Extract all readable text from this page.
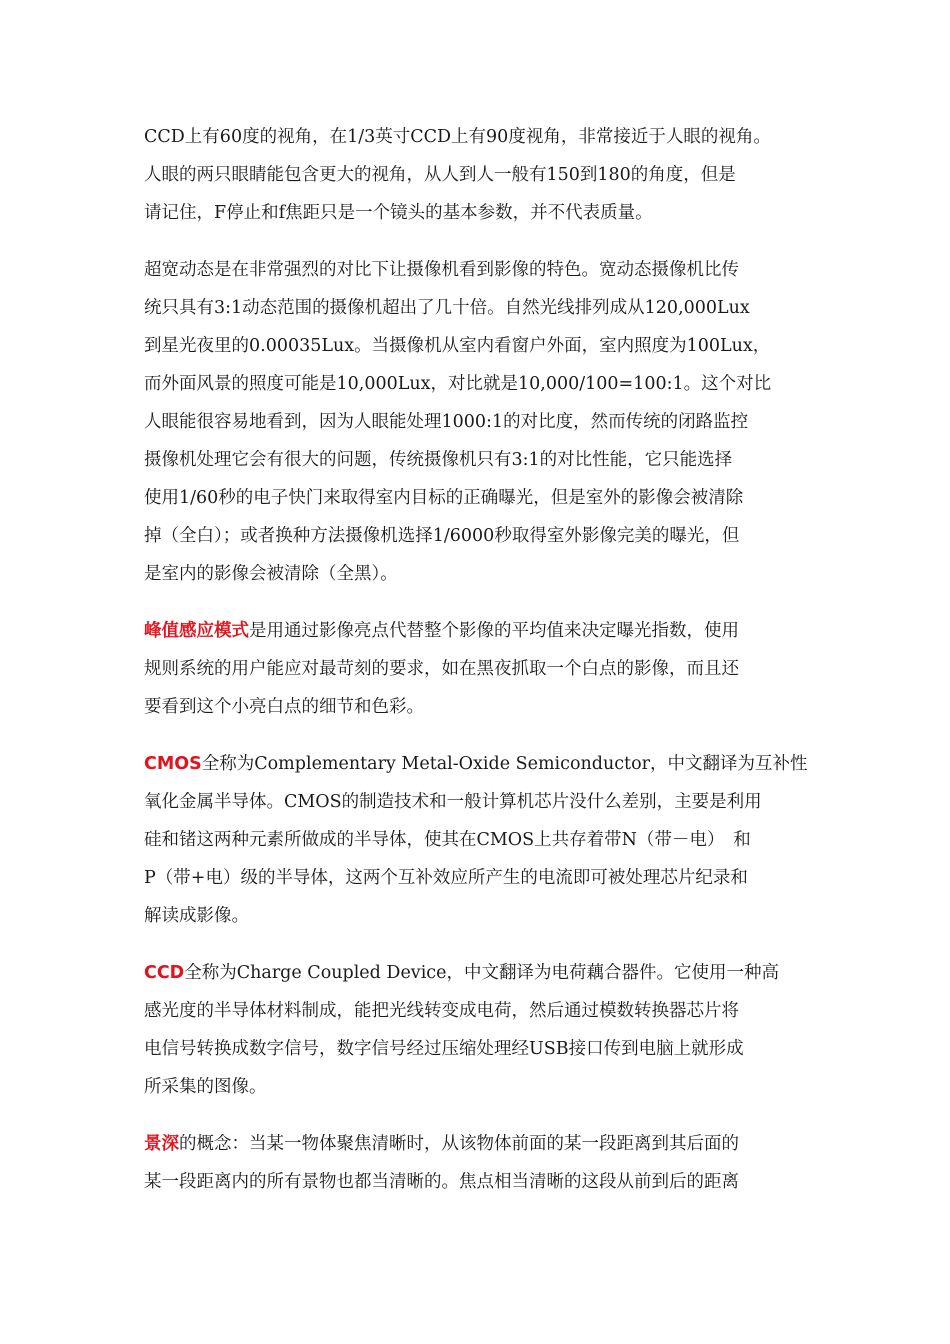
CCD上有60度的视角，在1/3英寸CCD上有90度视角，非常接近于人眼的视角。
人眼的两只眼睛能包含更大的视角，从人到人一般有150到180的角度，但是
请记住，F停止和f焦距只是一个镜头的基本参数，并不代表质量。

超宽动态是在非常强烈的对比下让摄像机看到影像的特色。宽动态摄像机比传
统只具有3:1动态范围的摄像机超出了几十倍。自然光线排列成从120,000Lux
到星光夜里的0.00035Lux。当摄像机从室内看窗户外面，室内照度为100Lux，
而外面风景的照度可能是10,000Lux，对比就是10,000/100=100:1。这个对比
人眼能很容易地看到，因为人眼能处理1000:1的对比度，然而传统的闭路监控
摄像机处理它会有很大的问题，传统摄像机只有3:1的对比性能，它只能选择
使用1/60秒的电子快门来取得室内目标的正确曝光，但是室外的影像会被清除
掉（全白）；或者换种方法摄像机选择1/6000秒取得室外影像完美的曝光，但
是室内的影像会被清除（全黑）。

峰值感应模式是用通过影像亮点代替整个影像的平均值来决定曝光指数，使用
规则系统的用户能应对最苛刻的要求，如在黑夜抓取一个白点的影像，而且还
要看到这个小亮白点的细节和色彩。

CMOS全称为Complementary Metal-Oxide Semiconductor，中文翻译为互补性
氧化金属半导体。CMOS的制造技术和一般计算机芯片没什么差别，主要是利用
硅和锗这两种元素所做成的半导体，使其在CMOS上共存着带N（带－电）　和
P（带+电）级的半导体，这两个互补效应所产生的电流即可被处理芯片纪录和
解读成影像。

CCD全称为Charge Coupled Device，中文翻译为电荷藕合器件。它使用一种高
感光度的半导体材料制成，能把光线转变成电荷，然后通过模数转换器芯片将
电信号转换成数字信号，数字信号经过压缩处理经USB接口传到电脑上就形成
所采集的图像。

景深的概念：当某一物体聚焦清晰时，从该物体前面的某一段距离到其后面的
某一段距离内的所有景物也都当清晰的。焦点相当清晰的这段从前到后的距离
